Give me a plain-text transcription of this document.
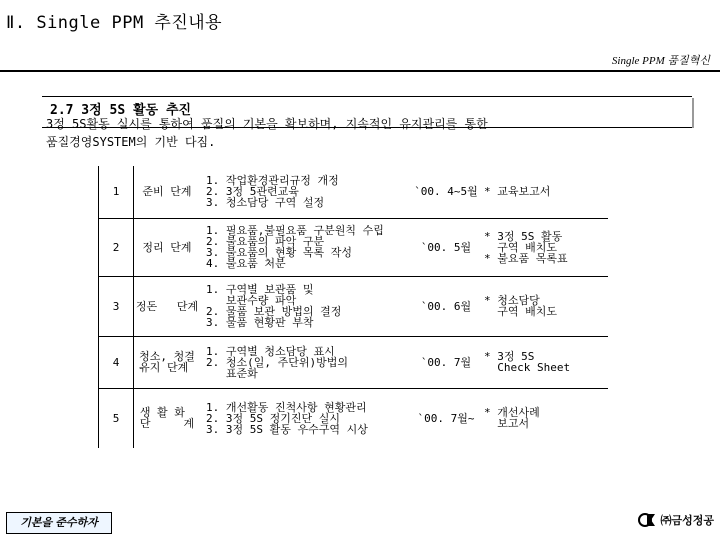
Ⅱ. Single PPM 추진내용
Single PPM 품질혁신
2.7 3정 5S 활동 추진
3정 5S활동 실시를 통하여 품질의 기본을 확보하며, 지속적인 유지관리를 통한
품질경영SYSTEM의 기반 다짐.
1	준비 단계	1. 작업환경관리규정 개정
2. 3정 5관련교육
3. 청소담당 구역 설정	`00. 4~5월	* 교육보고서
2	정리 단계	1. 필요품,불필요품 구분원칙 수립
2. 불요품의 파악 구분
3. 불요품의 현황 목록 작성
4. 불요품 처분	`00. 5월	* 3정 5S 활동
구역 배치도
* 불요품 목록표
3	정돈   단계	1. 구역별 보관품 및
보관수량 파악
2. 물품 보관 방법의 결정
3. 물품 현황판 부착	`00. 6월	* 청소담당
구역 배치도
4	청소, 청결
유지 단계	1. 구역별 청소담당 표시
2. 청소(일, 주단위)방법의
표준화	`00. 7월	* 3정 5S
Check Sheet
5	생 활 화
단     계	1. 개선활동 진척사항 현황관리
2. 3정 5S 정기진단 실시
3. 3정 5S 활동 우수구역 시상	`00. 7월~	* 개선사례
보고서
기본을 준수하자	㈜금성정공
